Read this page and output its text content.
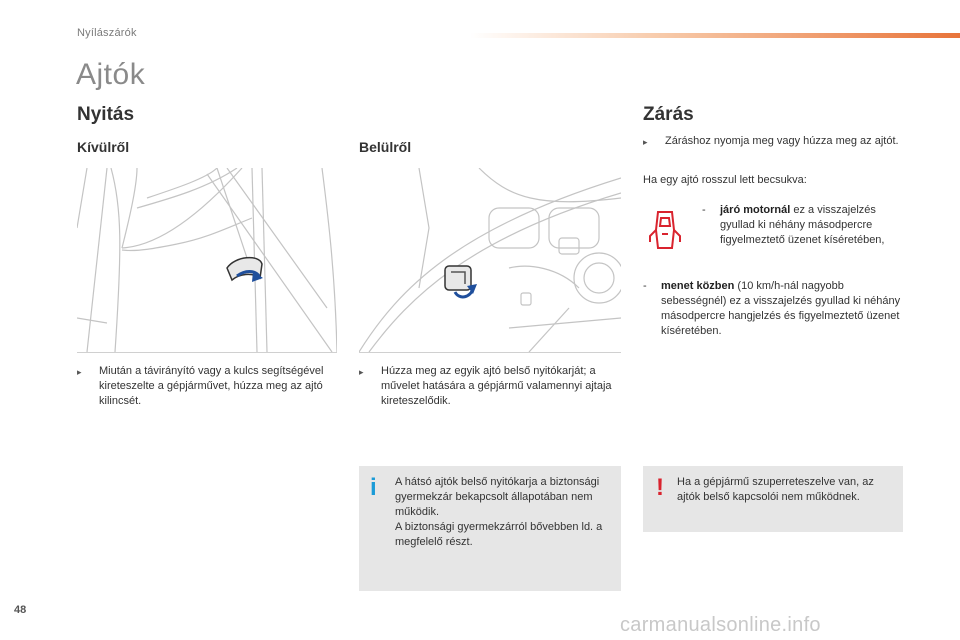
Nyílászárók
Ajtók
Nyitás	Zárás
Kívülről	Belülről
▸	Miután a távirányító vagy a kulcs segítségével kireteszelte a gépjárművet, húzza meg az ajtó kilincsét.
▸	Húzza meg az egyik ajtó belső nyitókarját; a művelet hatására a gépjármű valamennyi ajtaja kireteszelődik.
▸	Záráshoz nyomja meg vagy húzza meg az ajtót.
Ha egy ajtó rosszul lett becsukva:
-	járó motornál ez a visszajelzés gyullad ki néhány másodpercre figyelmeztető üzenet kíséretében,
-	menet közben (10 km/h-nál nagyobb sebességnél) ez a visszajelzés gyullad ki néhány másodpercre hangjelzés és figyelmeztető üzenet kíséretében.
i A hátsó ajtók belső nyitókarja a biztonsági gyermekzár bekapcsolt állapotában nem működik.
A biztonsági gyermekzárról bővebben ld. a megfelelő részt.
! Ha a gépjármű szuperreteszelve van, az ajtók belső kapcsolói nem működnek.
48
carmanualsonline.info
